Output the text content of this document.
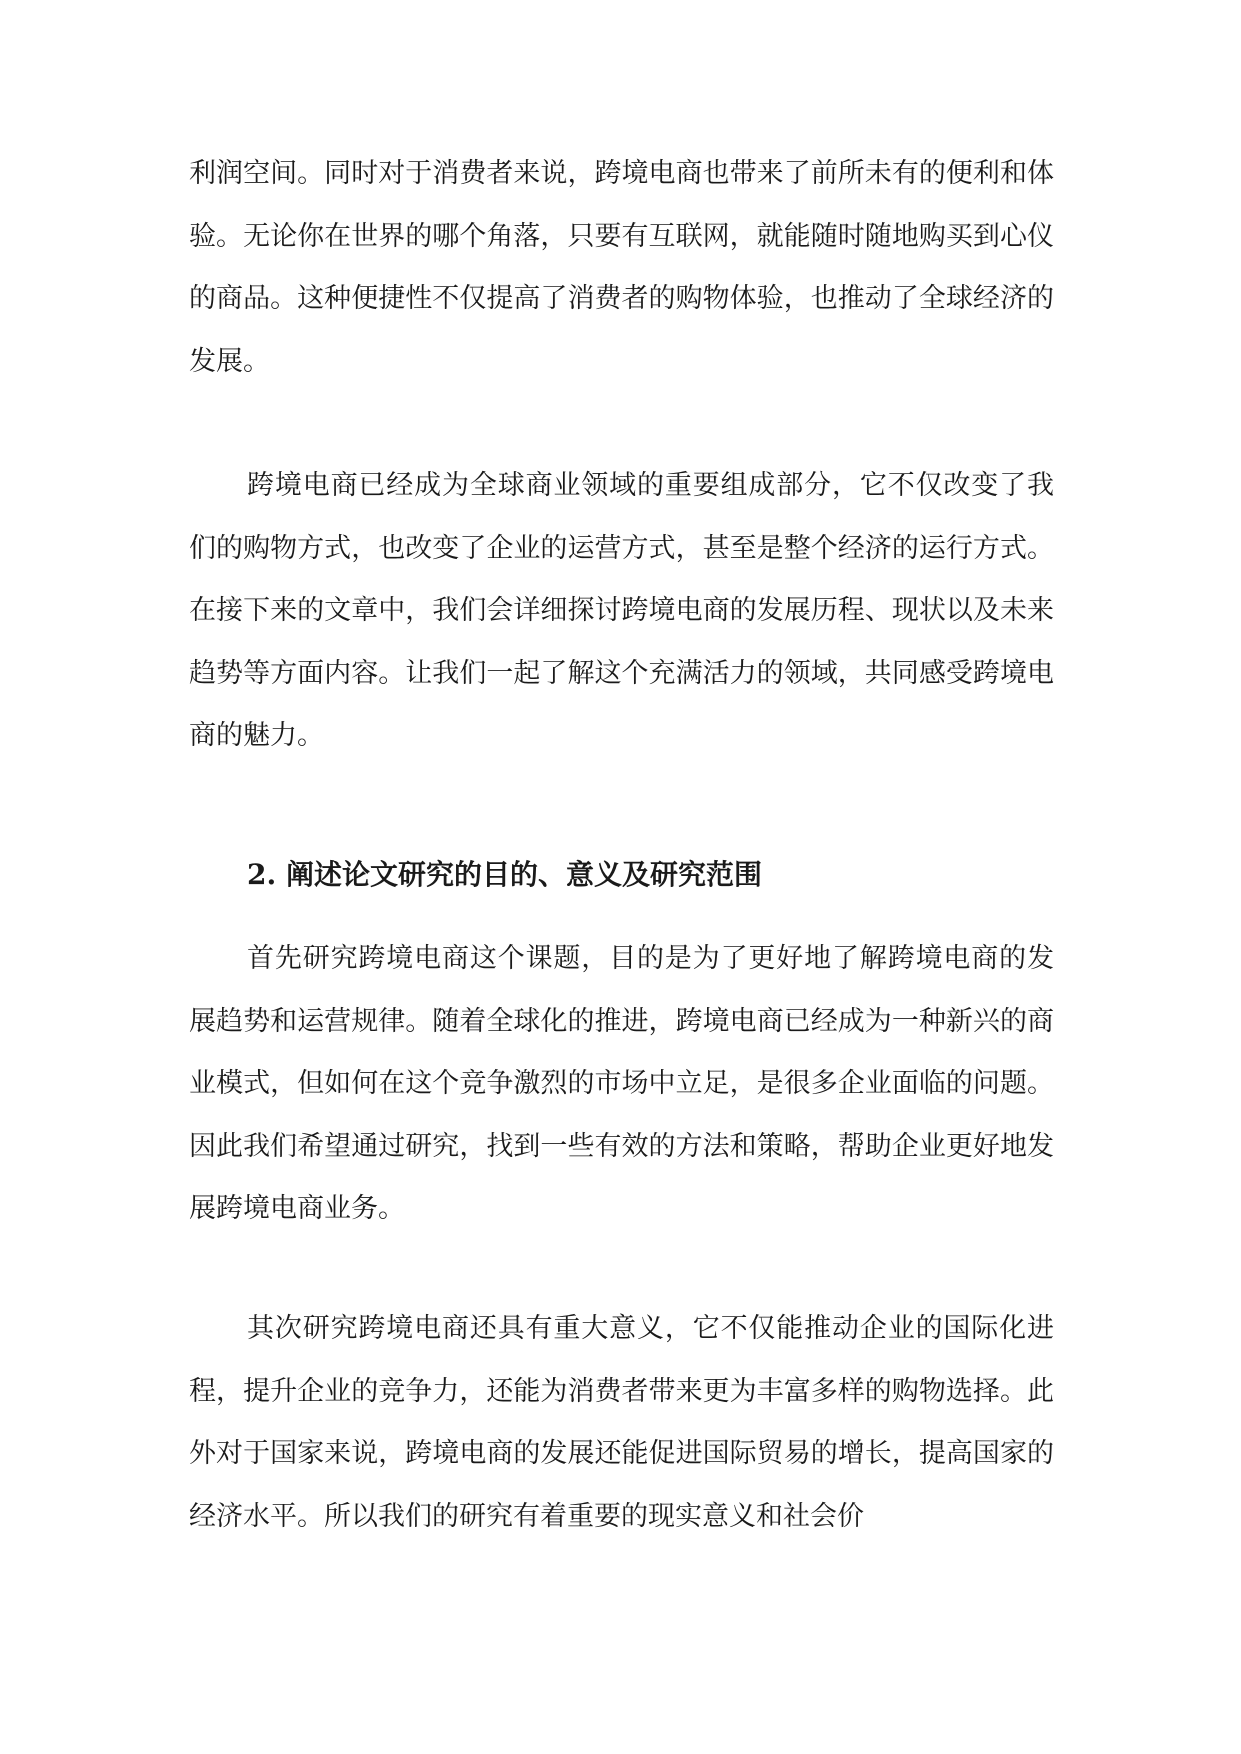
利润空间。同时对于消费者来说，跨境电商也带来了前所未有的便利和体验。无论你在世界的哪个角落，只要有互联网，就能随时随地购买到心仪的商品。这种便捷性不仅提高了消费者的购物体验，也推动了全球经济的发展。

跨境电商已经成为全球商业领域的重要组成部分，它不仅改变了我们的购物方式，也改变了企业的运营方式，甚至是整个经济的运行方式。在接下来的文章中，我们会详细探讨跨境电商的发展历程、现状以及未来趋势等方面内容。让我们一起了解这个充满活力的领域，共同感受跨境电商的魅力。

2. 阐述论文研究的目的、意义及研究范围

首先研究跨境电商这个课题，目的是为了更好地了解跨境电商的发展趋势和运营规律。随着全球化的推进，跨境电商已经成为一种新兴的商业模式，但如何在这个竞争激烈的市场中立足，是很多企业面临的问题。因此我们希望通过研究，找到一些有效的方法和策略，帮助企业更好地发展跨境电商业务。

其次研究跨境电商还具有重大意义，它不仅能推动企业的国际化进程，提升企业的竞争力，还能为消费者带来更为丰富多样的购物选择。此外对于国家来说，跨境电商的发展还能促进国际贸易的增长，提高国家的经济水平。所以我们的研究有着重要的现实意义和社会价
